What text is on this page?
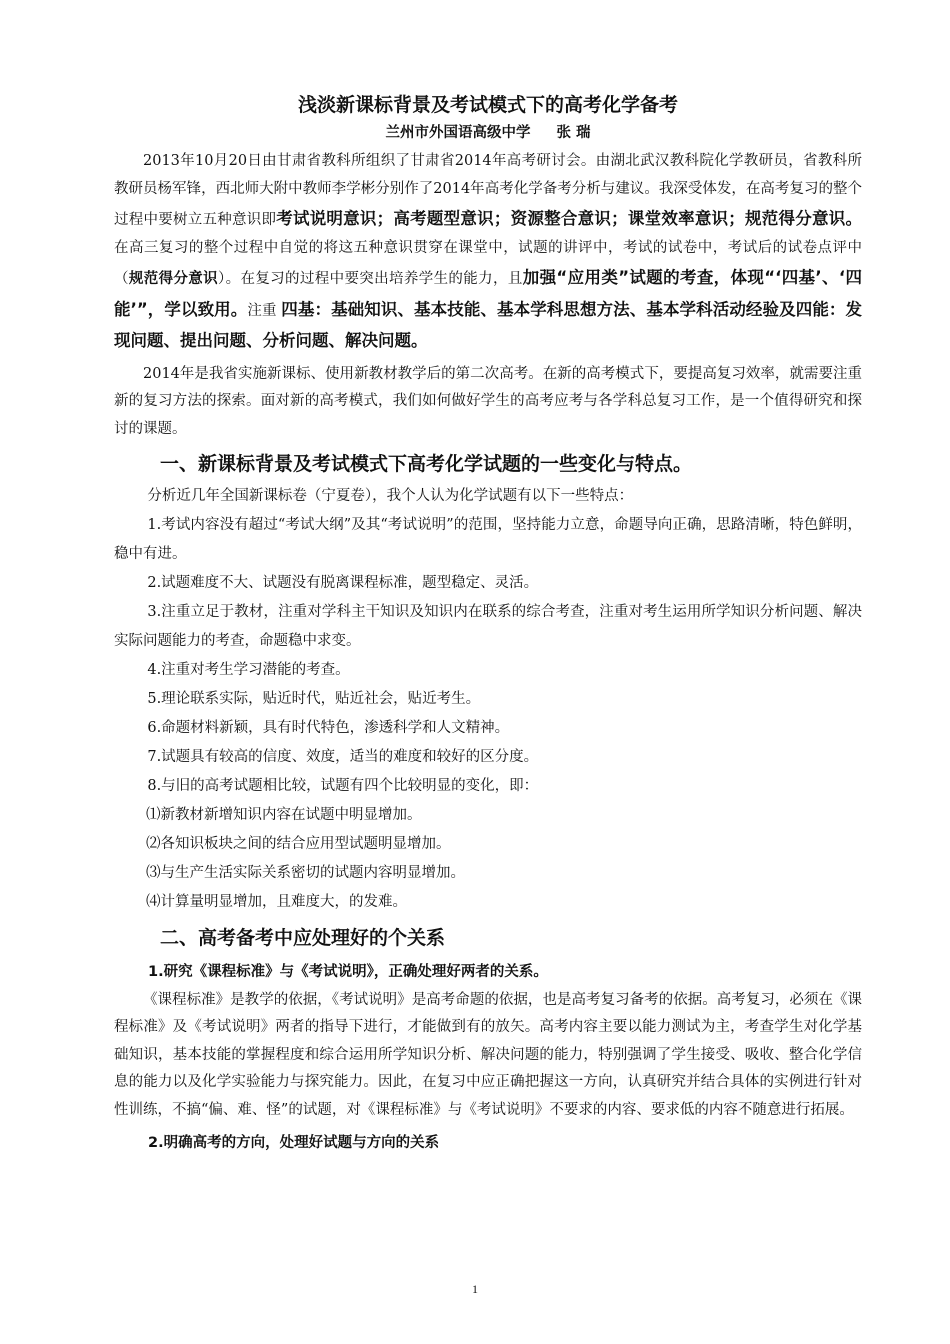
浅淡新课标背景及考试模式下的高考化学备考
兰州市外国语高级中学 张 瑞

2013年10月20日由甘肃省教科所组织了甘肃省2014年高考研讨会。由湖北武汉教科院化学教研员，省教科所教研员杨军锋，西北师大附中教师李学彬分别作了2014年高考化学备考分析与建议。我深受体发，在高考复习的整个过程中要树立五种意识即考试说明意识；高考题型意识；资源整合意识；课堂效率意识；规范得分意识。在高三复习的整个过程中自觉的将这五种意识贯穿在课堂中，试题的讲评中，考试的试卷中，考试后的试卷点评中（规范得分意识）。在复习的过程中要突出培养学生的能力，且加强“应用类”试题的考查，体现“‘四基’、‘四能’”，学以致用。注重 四基：基础知识、基本技能、基本学科思想方法、基本学科活动经验及四能：发现问题、提出问题、分析问题、解决问题。

2014年是我省实施新课标、使用新教材教学后的第二次高考。在新的高考模式下，要提高复习效率，就需要注重新的复习方法的探索。面对新的高考模式，我们如何做好学生的高考应考与各学科总复习工作，是一个值得研究和探讨的课题。

一、新课标背景及考试模式下高考化学试题的一些变化与特点。

分析近几年全国新课标卷（宁夏卷），我个人认为化学试题有以下一些特点：

1.考试内容没有超过“考试大纲”及其“考试说明”的范围，坚持能力立意，命题导向正确，思路清晰，特色鲜明，稳中有进。

2.试题难度不大、试题没有脱离课程标准，题型稳定、灵活。

3.注重立足于教材，注重对学科主干知识及知识内在联系的综合考查，注重对考生运用所学知识分析问题、解决实际问题能力的考查，命题稳中求变。

4.注重对考生学习潜能的考查。

5.理论联系实际，贴近时代，贴近社会，贴近考生。

6.命题材料新颖，具有时代特色，渗透科学和人文精神。

7.试题具有较高的信度、效度，适当的难度和较好的区分度。

8.与旧的高考试题相比较，试题有四个比较明显的变化，即：

⑴新教材新增知识内容在试题中明显增加。

⑵各知识板块之间的结合应用型试题明显增加。

⑶与生产生活实际关系密切的试题内容明显增加。

⑷计算量明显增加，且难度大，的发难。

二、高考备考中应处理好的个关系
1.研究《课程标准》与《考试说明》，正确处理好两者的关系。

《课程标准》是教学的依据，《考试说明》是高考命题的依据，也是高考复习备考的依据。高考复习，必须在《课程标准》及《考试说明》两者的指导下进行，才能做到有的放矢。高考内容主要以能力测试为主，考查学生对化学基础知识，基本技能的掌握程度和综合运用所学知识分析、解决问题的能力，特别强调了学生接受、吸收、整合化学信息的能力以及化学实验能力与探究能力。因此，在复习中应正确把握这一方向，认真研究并结合具体的实例进行针对性训练，不搞“偏、难、怪”的试题，对《课程标准》与《考试说明》不要求的内容、要求低的内容不随意进行拓展。

2.明确高考的方向，处理好试题与方向的关系
1
